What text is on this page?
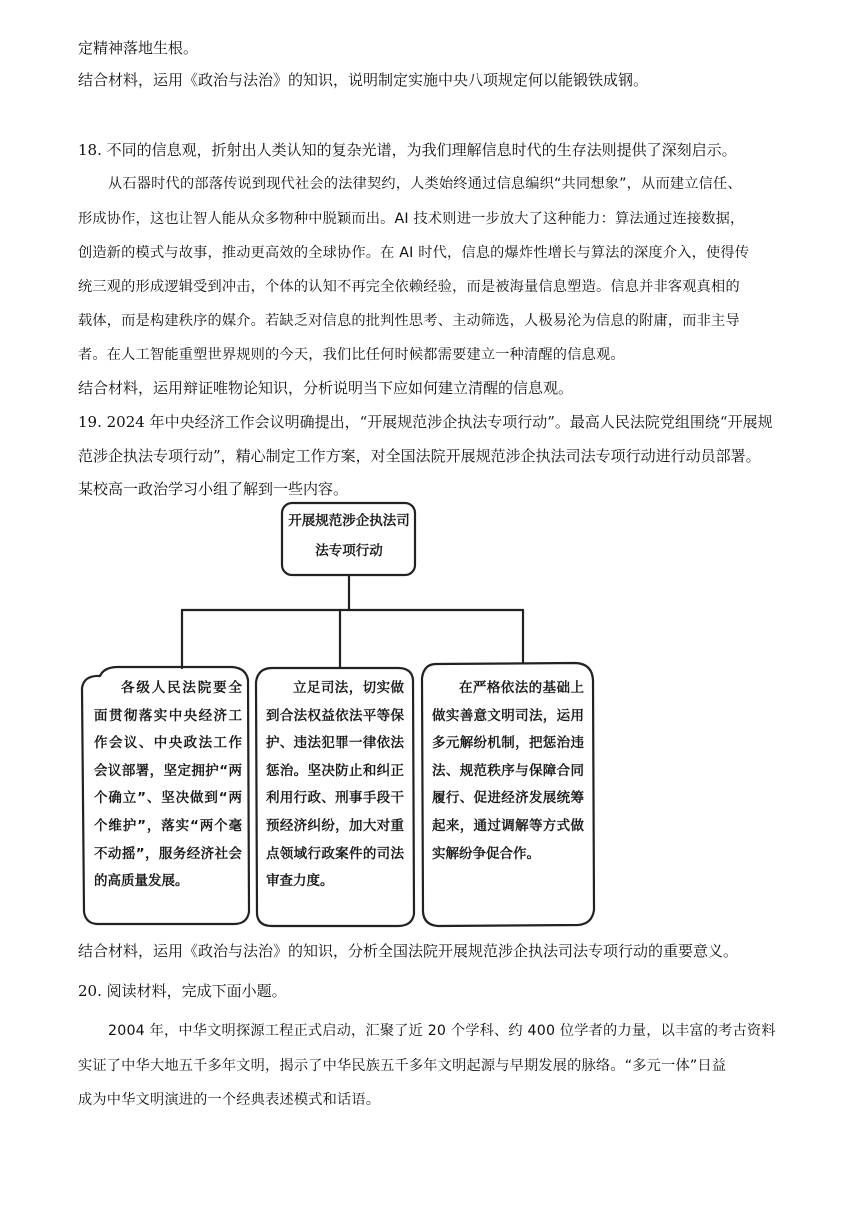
定精神落地生根。
结合材料，运用《政治与法治》的知识，说明制定实施中央八项规定何以能锻铁成钢。
18. 不同的信息观，折射出人类认知的复杂光谱，为我们理解信息时代的生存法则提供了深刻启示。
从石器时代的部落传说到现代社会的法律契约，人类始终通过信息编织“共同想象”，从而建立信任、
形成协作，这也让智人能从众多物种中脱颖而出。AI 技术则进一步放大了这种能力：算法通过连接数据，
创造新的模式与故事，推动更高效的全球协作。在 AI 时代，信息的爆炸性增长与算法的深度介入，使得传
统三观的形成逻辑受到冲击，个体的认知不再完全依赖经验，而是被海量信息塑造。信息并非客观真相的
载体，而是构建秩序的媒介。若缺乏对信息的批判性思考、主动筛选，人极易沦为信息的附庸，而非主导
者。在人工智能重塑世界规则的今天，我们比任何时候都需要建立一种清醒的信息观。
结合材料，运用辩证唯物论知识，分析说明当下应如何建立清醒的信息观。
19. 2024 年中央经济工作会议明确提出，“开展规范涉企执法专项行动”。最高人民法院党组围绕“开展规
范涉企执法专项行动”，精心制定工作方案，对全国法院开展规范涉企执法司法专项行动进行动员部署。
某校高一政治学习小组了解到一些内容。
开展规范涉企执法司法专项行动
各级人民法院要全面贯彻落实中央经济工作会议、中央政法工作会议部署，坚定拥护“两个确立”、坚决做到“两个维护”，落实“两个毫不动摇”，服务经济社会的高质量发展。
立足司法，切实做到合法权益依法平等保护、违法犯罪一律依法惩治。坚决防止和纠正利用行政、刑事手段干预经济纠纷，加大对重点领域行政案件的司法审查力度。
在严格依法的基础上做实善意文明司法，运用多元解纷机制，把惩治违法、规范秩序与保障合同履行、促进经济发展统筹起来，通过调解等方式做实解纷争促合作。
结合材料，运用《政治与法治》的知识，分析全国法院开展规范涉企执法司法专项行动的重要意义。
20. 阅读材料，完成下面小题。
2004 年，中华文明探源工程正式启动，汇聚了近 20 个学科、约 400 位学者的力量，以丰富的考古资料
实证了中华大地五千多年文明，揭示了中华民族五千多年文明起源与早期发展的脉络。“多元一体”日益
成为中华文明演进的一个经典表述模式和话语。
